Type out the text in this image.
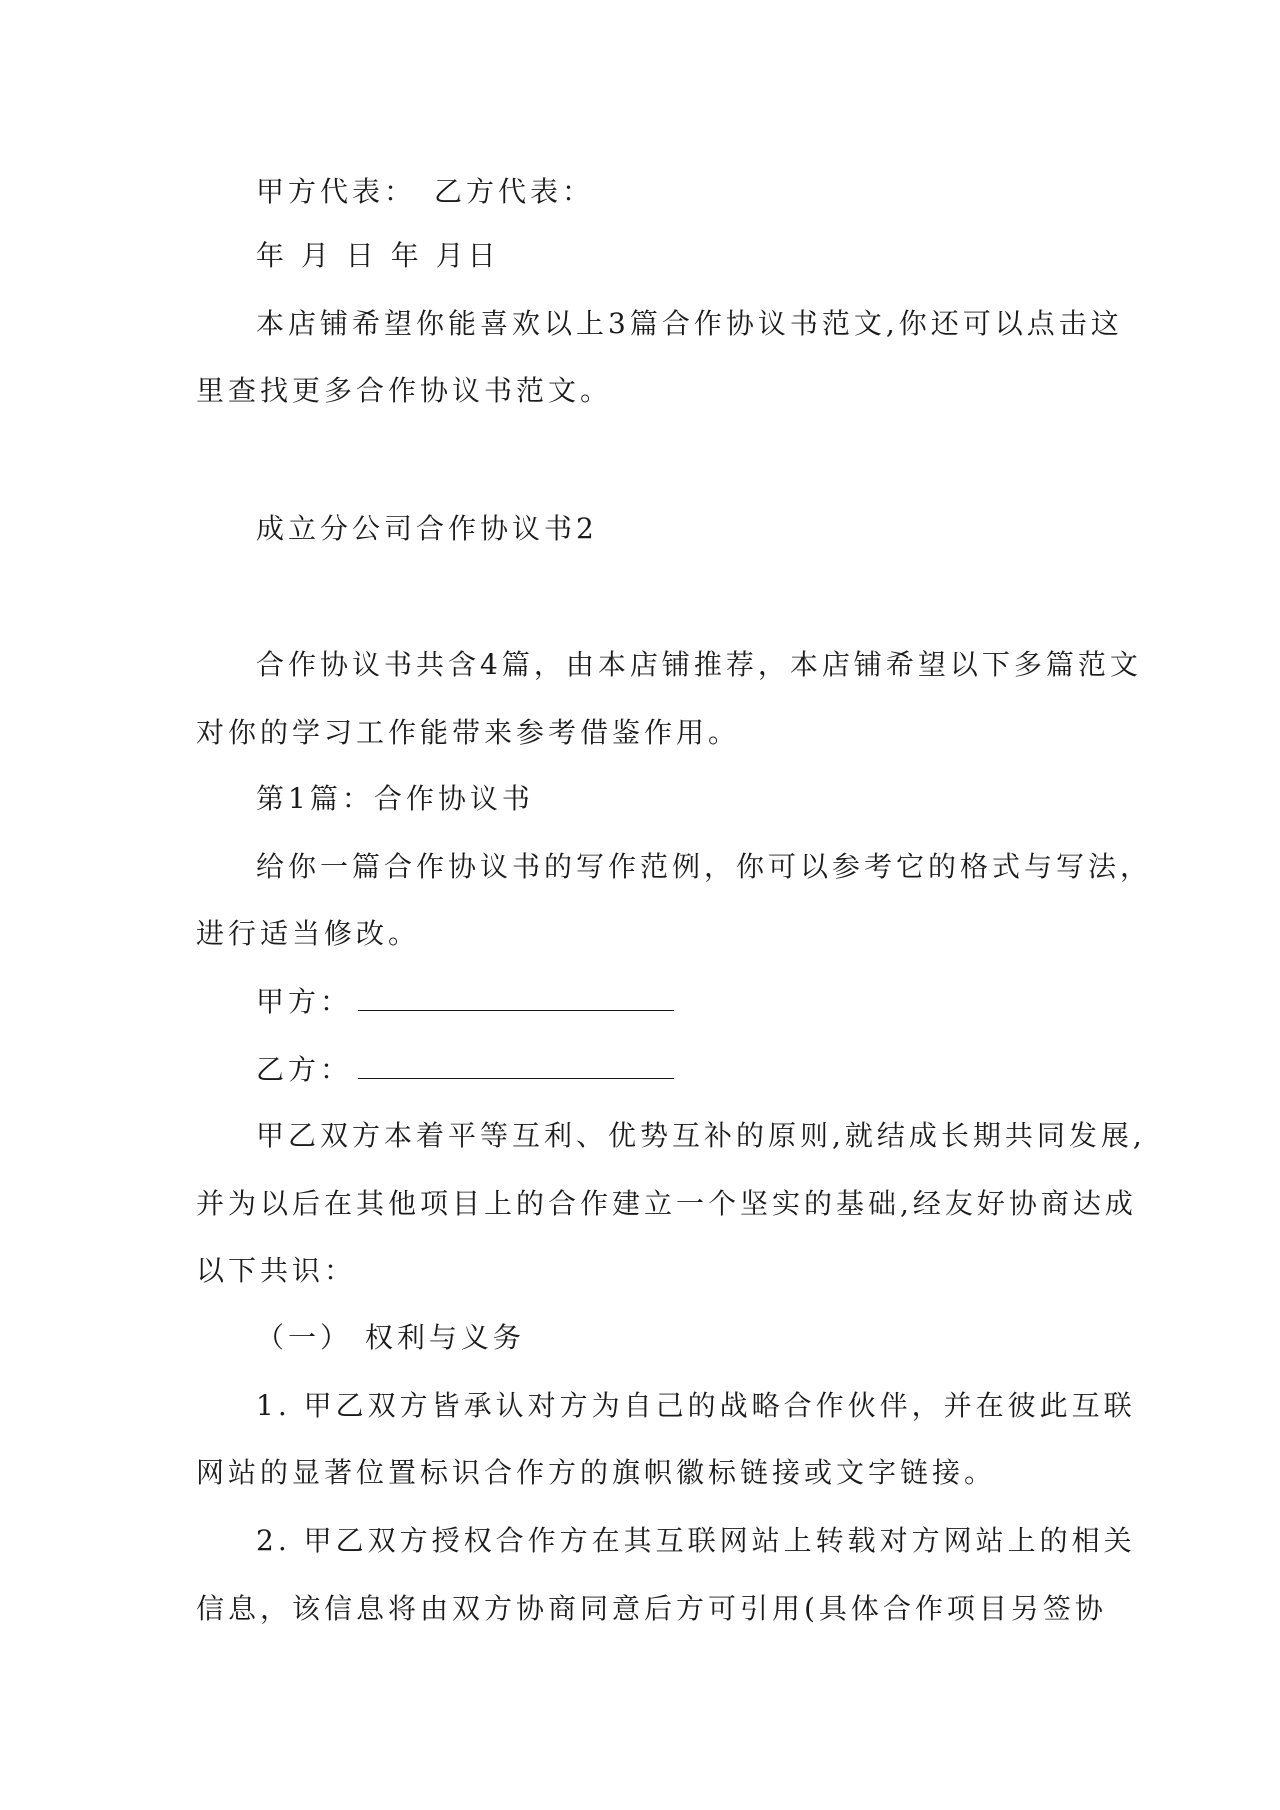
甲方代表： 乙方代表：
年 月 日 年 月日
本店铺希望你能喜欢以上3篇合作协议书范文,你还可以点击这
里查找更多合作协议书范文。
成立分公司合作协议书2
合作协议书共含4篇，由本店铺推荐，本店铺希望以下多篇范文
对你的学习工作能带来参考借鉴作用。
第1篇：合作协议书
给你一篇合作协议书的写作范例，你可以参考它的格式与写法，
进行适当修改。
甲方：
乙方：
甲乙双方本着平等互利、优势互补的原则,就结成长期共同发展,
并为以后在其他项目上的合作建立一个坚实的基础,经友好协商达成
以下共识：
（一） 权利与义务
1. 甲乙双方皆承认对方为自己的战略合作伙伴，并在彼此互联
网站的显著位置标识合作方的旗帜徽标链接或文字链接。
2. 甲乙双方授权合作方在其互联网站上转载对方网站上的相关
信息，该信息将由双方协商同意后方可引用(具体合作项目另签协
